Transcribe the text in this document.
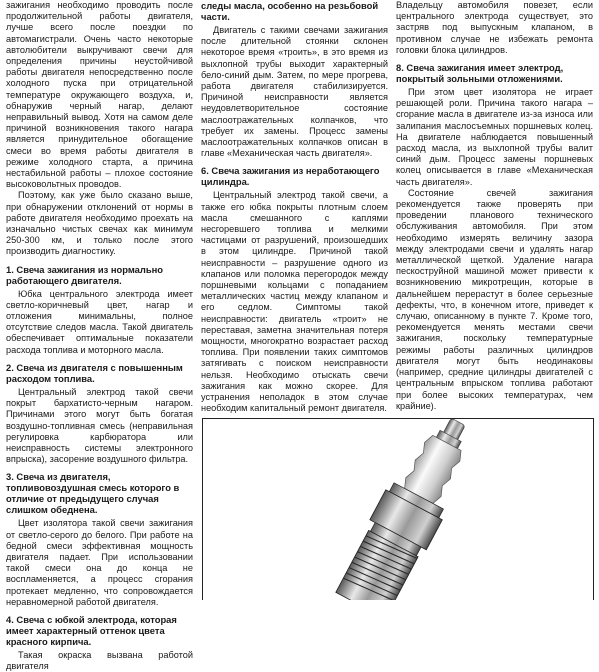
зажигания необходимо проводить после продолжительной работы двигателя, лучше всего после поездки по автомагистрали. Очень часто некоторые автолюбители выкручивают свечи для определения причины неустойчивой работы двигателя непосредственно после холодного пуска при отрицательной температуре окружающего воздуха, и, обнаружив черный нагар, делают неправильный вывод. Хотя на самом деле причиной возникновения такого нагара является принудительное обогащение смеси во время работы двигателя в режиме холодного старта, а причина нестабильной работы – плохое состояние высоковольтных проводов.

Поэтому, как уже было сказано выше, при обнаружении отклонений от нормы в работе двигателя необходимо проехать на изначально чистых свечах как минимум 250-300 км, и только после этого производить диагностику.

1. Свеча зажигания из нормально работающего двигателя.

Юбка центрального электрода имеет светло-коричневый цвет, нагар и отложения минимальны, полное отсутствие следов масла. Такой двигатель обеспечивает оптимальные показатели расхода топлива и моторного масла.

2. Свеча из двигателя с повышенным расходом топлива.

Центральный электрод такой свечи покрыт бархатисто-черным нагаром. Причинами этого могут быть богатая воздушно-топливная смесь (неправильная регулировка карбюратора или неисправность системы электронного впрыска), засорение воздушного фильтра.

3. Свеча из двигателя, топливовоздушная смесь которого в отличие от предыдущего случая слишком обеднена.

Цвет изолятора такой свечи зажигания от светло-серого до белого. При работе на бедной смеси эффективная мощность двигателя падает. При использовании такой смеси она до конца не воспламеняется, а процесс сгорания протекает медленно, что сопровождается неравномерной работой двигателя.

4. Свеча с юбкой электрода, которая имеет характерный оттенок цвета красного кирпича.

Такая окраска вызвана работой двигателя

следы масла, особенно на резьбовой части.

Двигатель с такими свечами зажигания после длительной стоянки склонен некоторое время «троить», в это время из выхлопной трубы выходит характерный бело-синий дым. Затем, по мере прогрева, работа двигателя стабилизируется. Причиной неисправности является неудовлетворительное состояние маслоотражательных колпачков, что требует их замены. Процесс замены маслоотражательных колпачков описан в главе «Механическая часть двигателя».

6. Свеча зажигания из неработающего цилиндра.

Центральный электрод такой свечи, а также его юбка покрыты плотным слоем масла смешанного с каплями несгоревшего топлива и мелкими частицами от разрушений, произошедших в этом цилиндре. Причиной такой неисправности – разрушение одного из клапанов или поломка перегородок между поршневыми кольцами с попаданием металлических частиц между клапаном и его седлом. Симптомы такой неисправности: двигатель «троит» не переставая, заметна значительная потеря мощности, многократно возрастает расход топлива. При появлении таких симптомов затягивать с поиском неисправности нельзя. Необходимо отыскать свечи зажигания как можно скорее. Для устранения неполадок в этом случае необходим капитальный ремонт двигателя.

Владельцу автомобиля повезет, если центрального электрода существует, это застряв под выпускным клапаном, в противном случае не избежать ремонта головки блока цилиндров.

8. Свеча зажигания имеет электрод, покрытый зольными отложениями.

При этом цвет изолятора не играет решающей роли. Причина такого нагара – сгорание масла в двигателе из-за износа или залипания маслосъемных поршневых колец. На двигателе наблюдается повышенный расход масла, из выхлопной трубы валит синий дым. Процесс замены поршневых колец описывается в главе «Механическая часть двигателя».

Состояние свечей зажигания рекомендуется также проверять при проведении планового технического обслуживания автомобиля. При этом необходимо измерять величину зазора между электродами свечи и удалять нагар металлической щеткой. Удаление нагара пескоструйной машиной может привести к возникновению микротрещин, которые в дальнейшем перерастут в более серьезные дефекты, что, в конечном итоге, приведет к случаю, описанному в пункте 7. Кроме того, рекомендуется менять местами свечи зажигания, поскольку температурные режимы работы различных цилиндров двигателя могут быть неодинаковы (например, средние цилиндры двигателей с центральным впрыском топлива работают при более высоких температурах, чем крайние).
